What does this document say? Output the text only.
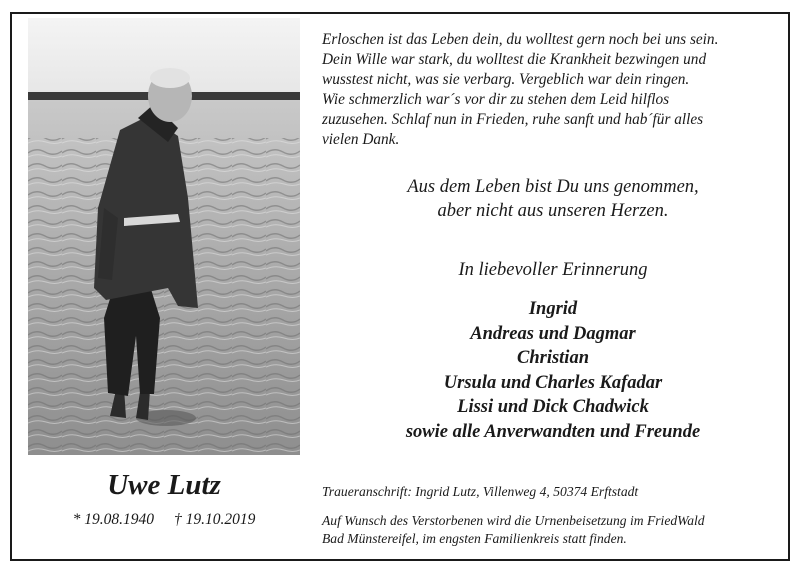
Erloschen ist das Leben dein, du wolltest gern noch bei uns sein.
Dein Wille war stark, du wolltest die Krankheit bezwingen und
wusstest nicht, was sie verbarg. Vergeblich war dein ringen.
Wie schmerzlich war´s vor dir zu stehen dem Leid hilflos
zuzusehen. Schlaf nun in Frieden, ruhe sanft und hab´für alles
vielen Dank.
Aus dem Leben bist Du uns genommen,
aber nicht aus unseren Herzen.
In liebevoller Erinnerung
Ingrid
Andreas und Dagmar
Christian
Ursula und Charles Kafadar
Lissi und Dick Chadwick
sowie alle Anverwandten und Freunde
Uwe Lutz
* 19.08.1940 † 19.10.2019
Traueranschrift: Ingrid Lutz, Villenweg 4, 50374 Erftstadt
Auf Wunsch des Verstorbenen wird die Urnenbeisetzung im FriedWald
Bad Münstereifel, im engsten Familienkreis statt finden.
